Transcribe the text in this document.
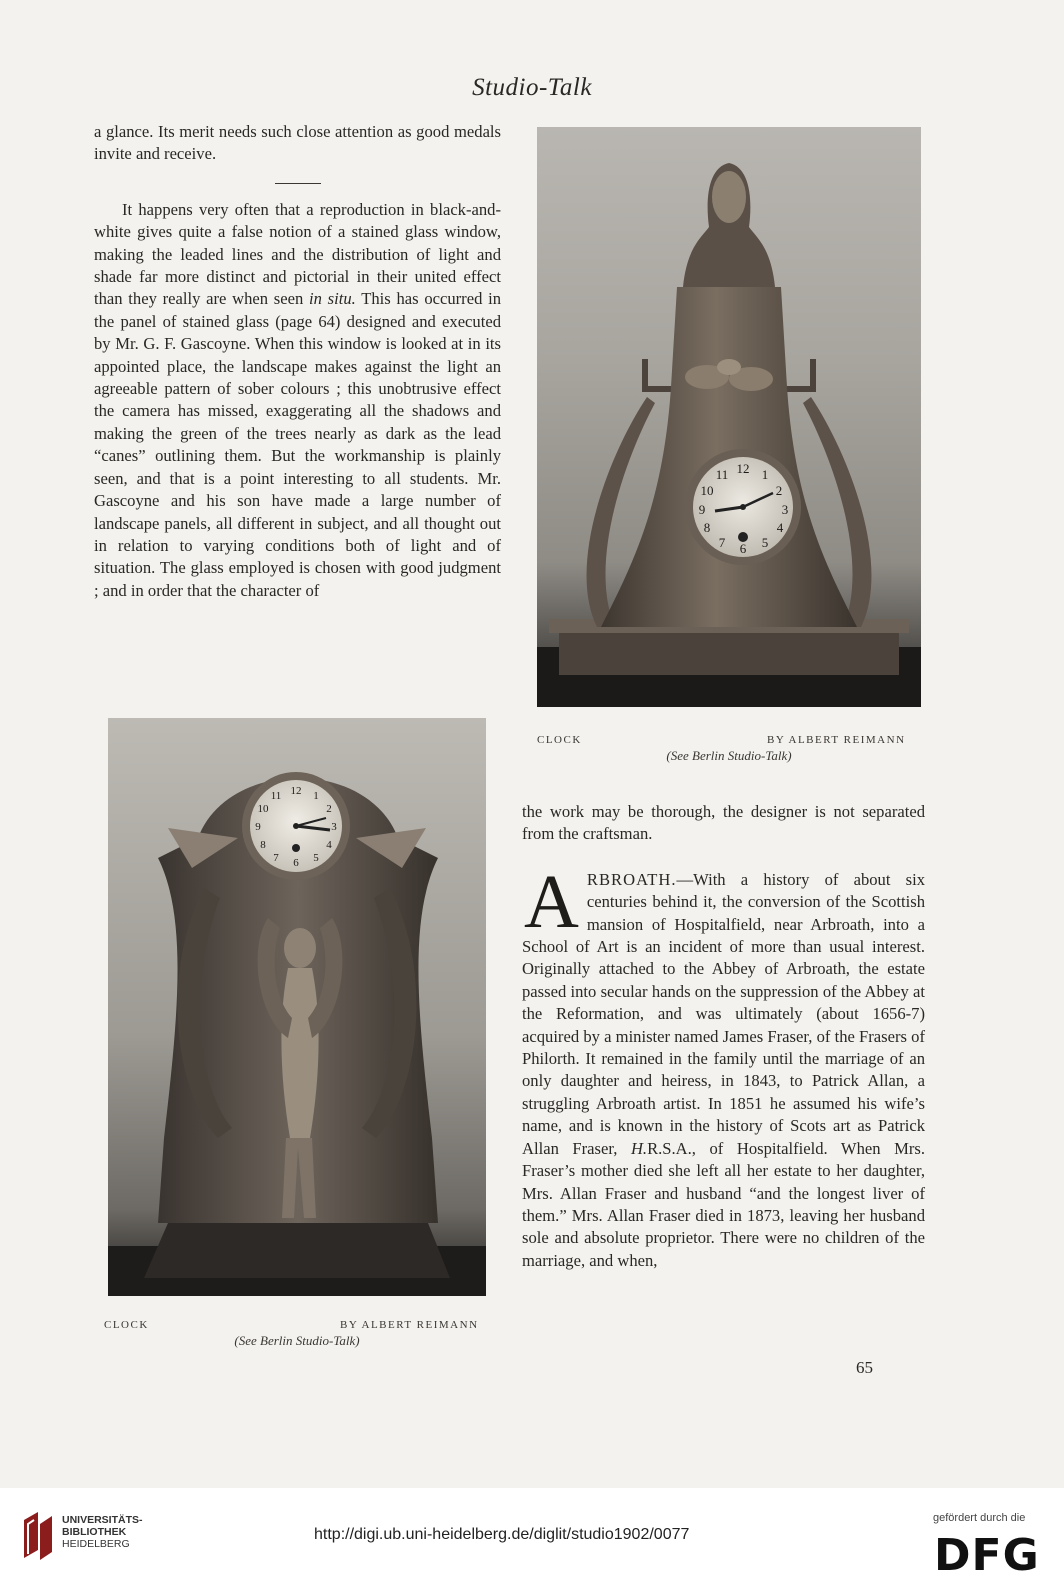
Studio-Talk

a glance. Its merit needs such close attention as good medals invite and receive.

It happens very often that a reproduction in black-and-white gives quite a false notion of a stained glass window, making the leaded lines and the distribution of light and shade far more distinct and pictorial in their united effect than they really are when seen in situ. This has occurred in the panel of stained glass (page 64) designed and executed by Mr. G. F. Gascoyne. When this window is looked at in its appointed place, the landscape makes against the light an agreeable pattern of sober colours ; this unobtrusive effect the camera has missed, exaggerating all the shadows and making the green of the trees nearly as dark as the lead “canes” outlining them. But the workmanship is plainly seen, and that is a point interesting to all students. Mr. Gascoyne and his son have made a large number of landscape panels, all different in subject, and all thought out in relation to varying conditions both of light and of situation. The glass employed is chosen with good judgment ; and in order that the character of

12 1
2
3
4
5
6
7
8
9
10
11
CLOCK	BY ALBERT REIMANN
(See Berlin Studio-Talk)
12 1
2
3
4
5
6
7
8
9
10
11
CLOCK	BY ALBERT REIMANN
(See Berlin Studio-Talk)

the work may be thorough, the designer is not separated from the craftsman.

ARBROATH.—With a history of about six centuries behind it, the conversion of the Scottish mansion of Hospitalfield, near Arbroath, into a School of Art is an incident of more than usual interest. Originally attached to the Abbey of Arbroath, the estate passed into secular hands on the suppression of the Abbey at the Reformation, and was ultimately (about 1656-7) acquired by a minister named James Fraser, of the Frasers of Philorth. It remained in the family until the marriage of an only daughter and heiress, in 1843, to Patrick Allan, a struggling Arbroath artist. In 1851 he assumed his wife’s name, and is known in the history of Scots art as Patrick Allan Fraser, H.R.S.A., of Hospitalfield. When Mrs. Fraser’s mother died she left all her estate to her daughter, Mrs. Allan Fraser and husband “and the longest liver of them.” Mrs. Allan Fraser died in 1873, leaving her husband sole and absolute proprietor. There were no children of the marriage, and when,

65
UNIVERSITÄTS-
BIBLIOTHEK
HEIDELBERG
http://digi.ub.uni-heidelberg.de/diglit/studio1902/0077
gefördert durch die
DFG
